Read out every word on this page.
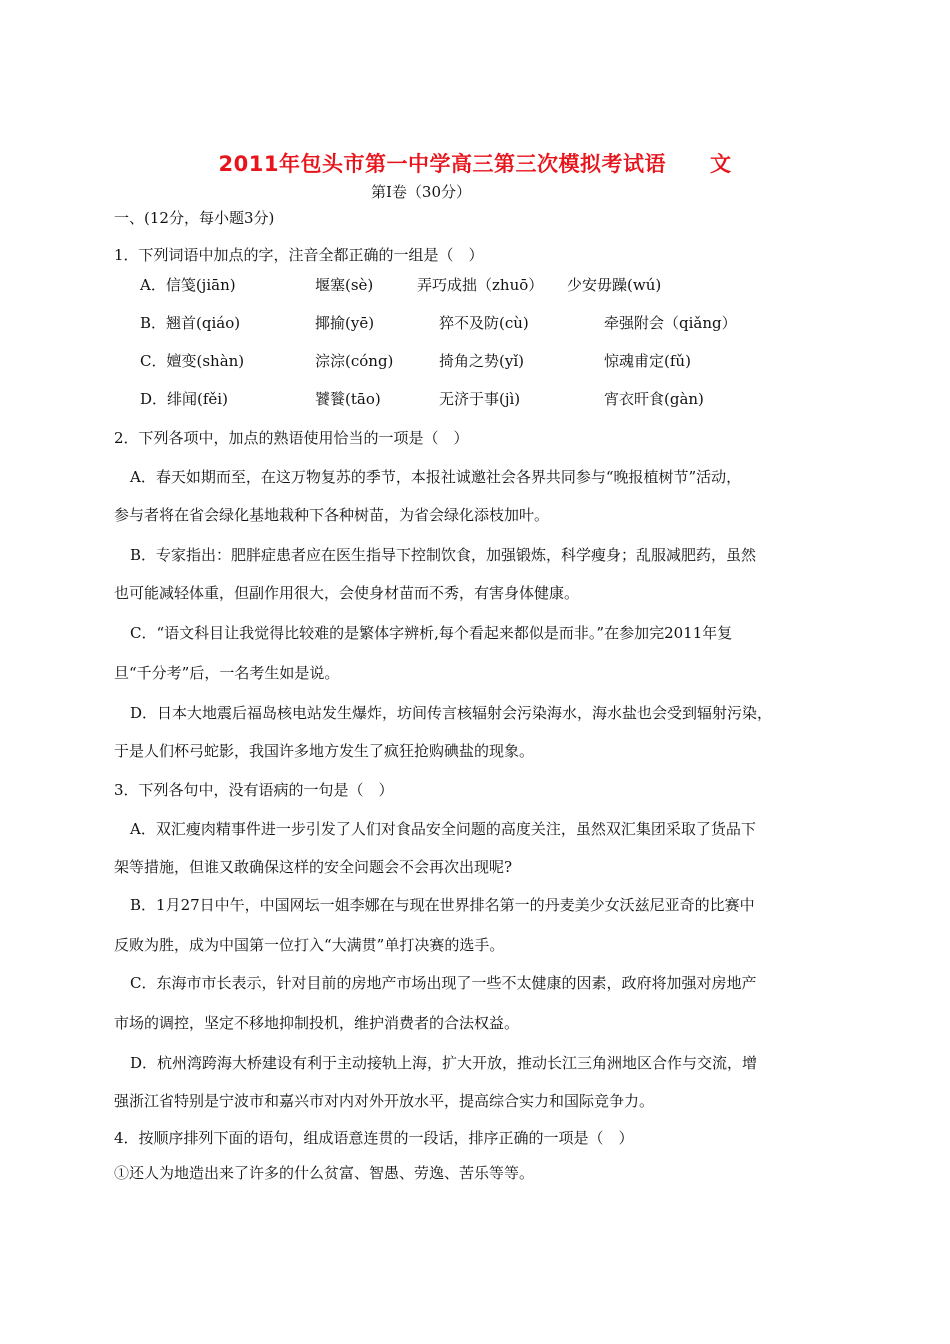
2011年包头市第一中学高三第三次模拟考试语 文
第Ⅰ卷（30分）
一、(12分，每小题3分)
1．下列词语中加点的字，注音全都正确的一组是（　）
A．信笺(jiān)	堰塞(sè)	弄巧成拙（zhuō） 少安毋躁(wú)
B．翘首(qiáo)	揶揄(yē)	猝不及防(cù)	牵强附会（qiǎng）
C．嬗变(shàn)	淙淙(cóng)	掎角之势(yǐ)	惊魂甫定(fǔ)
D．绯闻(fěi)	饕餮(tāo)	无济于事(jì)	宵衣旰食(gàn)
2．下列各项中，加点的熟语使用恰当的一项是（　）
A．春天如期而至，在这万物复苏的季节，本报社诚邀社会各界共同参与“晚报植树节”活动，
参与者将在省会绿化基地栽种下各种树苗，为省会绿化添枝加叶。
B．专家指出：肥胖症患者应在医生指导下控制饮食，加强锻炼，科学瘦身；乱服减肥药，虽然
也可能减轻体重，但副作用很大，会使身材苗而不秀，有害身体健康。
C．“语文科目让我觉得比较难的是繁体字辨析,每个看起来都似是而非。”在参加完2011年复
旦“千分考”后，一名考生如是说。
D．日本大地震后福岛核电站发生爆炸，坊间传言核辐射会污染海水，海水盐也会受到辐射污染，
于是人们杯弓蛇影，我国许多地方发生了疯狂抢购碘盐的现象。
3．下列各句中，没有语病的一句是（　）
A．双汇瘦肉精事件进一步引发了人们对食品安全问题的高度关注，虽然双汇集团采取了货品下
架等措施，但谁又敢确保这样的安全问题会不会再次出现呢?
B．1月27日中午，中国网坛一姐李娜在与现在世界排名第一的丹麦美少女沃兹尼亚奇的比赛中
反败为胜，成为中国第一位打入“大满贯”单打决赛的选手。
C．东海市市长表示，针对目前的房地产市场出现了一些不太健康的因素，政府将加强对房地产
市场的调控，坚定不移地抑制投机，维护消费者的合法权益。
D．杭州湾跨海大桥建设有利于主动接轨上海，扩大开放，推动长江三角洲地区合作与交流，增
强浙江省特别是宁波市和嘉兴市对内对外开放水平，提高综合实力和国际竞争力。
4．按顺序排列下面的语句，组成语意连贯的一段话，排序正确的一项是（　）
①还人为地造出来了许多的什么贫富、智愚、劳逸、苦乐等等。
